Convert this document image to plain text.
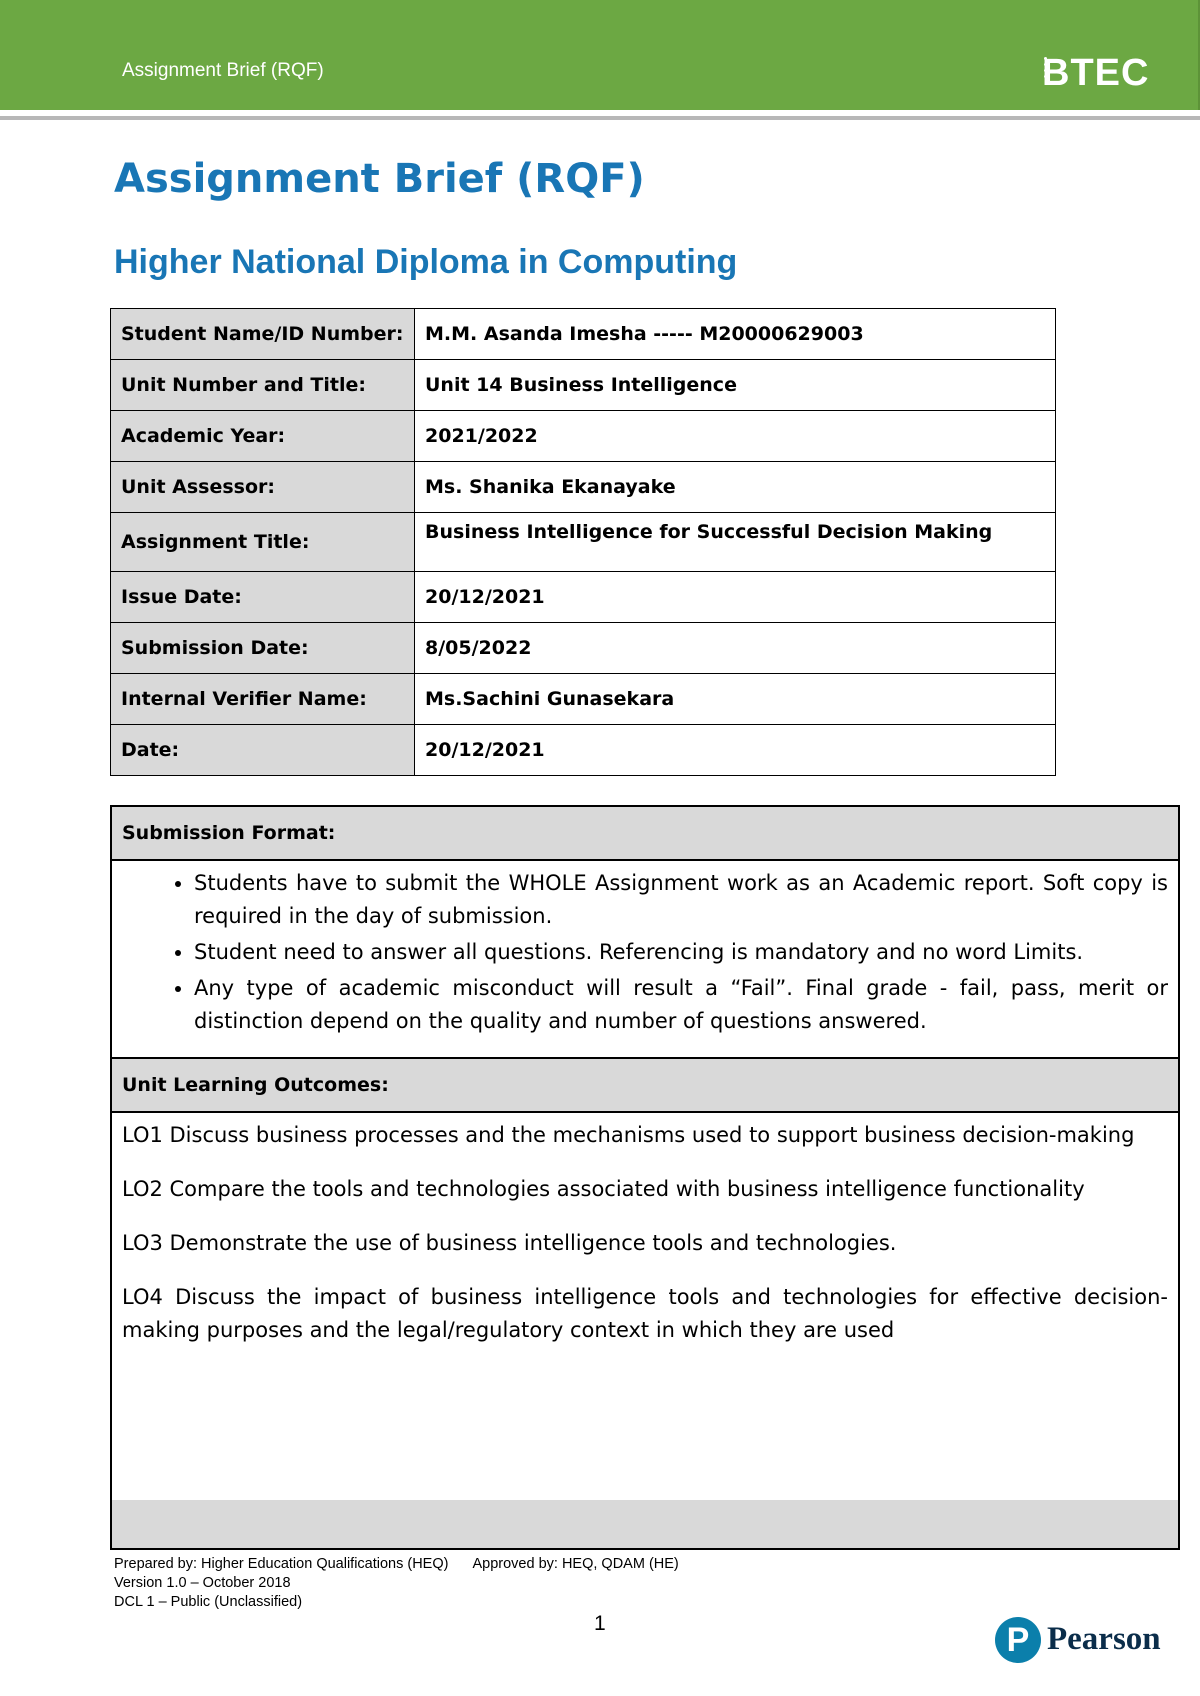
Assignment Brief (RQF)	BTEC
Assignment Brief (RQF)
Higher National Diploma in Computing
Student Name/ID Number:	M.M. Asanda Imesha ----- M20000629003
Unit Number and Title:	Unit 14 Business Intelligence
Academic Year:	2021/2022
Unit Assessor:	Ms. Shanika Ekanayake
Assignment Title:	Business Intelligence for Successful Decision Making
Issue Date:	20/12/2021
Submission Date:	8/05/2022
Internal Verifier Name:	Ms.Sachini Gunasekara
Date:	20/12/2021
Submission Format:
• Students have to submit the WHOLE Assignment work as an Academic report. Soft copy is required in the day of submission.
• Student need to answer all questions. Referencing is mandatory and no word Limits.
• Any type of academic misconduct will result a “Fail”. Final grade - fail, pass, merit or distinction depend on the quality and number of questions answered.
Unit Learning Outcomes:

LO1 Discuss business processes and the mechanisms used to support business decision-making

LO2 Compare the tools and technologies associated with business intelligence functionality

LO3 Demonstrate the use of business intelligence tools and technologies.

LO4 Discuss the impact of business intelligence tools and technologies for effective decision-making purposes and the legal/regulatory context in which they are used

Prepared by: Higher Education Qualifications (HEQ) Approved by: HEQ, QDAM (HE)
Version 1.0 – October 2018
DCL 1 – Public (Unclassified)
1	P Pearson
